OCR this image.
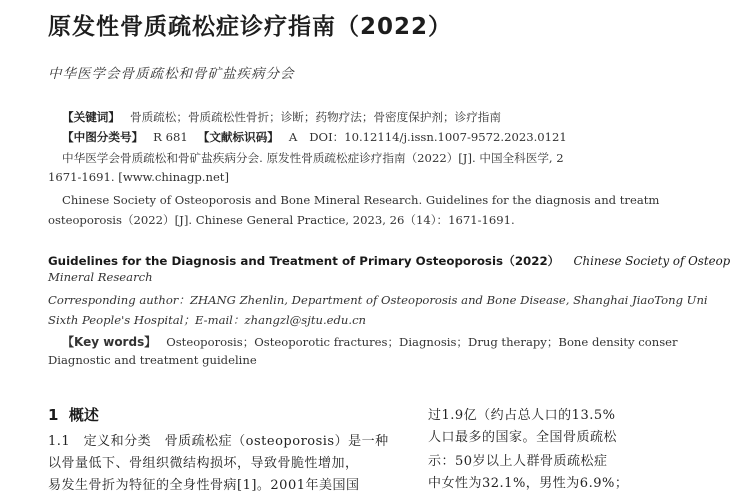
原发性骨质疏松症诊疗指南（2022）
中华医学会骨质疏松和骨矿盐疾病分会
【关键词】 骨质疏松；骨质疏松性骨折；诊断；药物疗法；骨密度保护剂；诊疗指南
【中图分类号】 R 681 【文献标识码】 A DOI：10.12114/j.issn.1007-9572.2023.0121
中华医学会骨质疏松和骨矿盐疾病分会. 原发性骨质疏松症诊疗指南（2022）[J]. 中国全科医学, 2
1671-1691. [www.chinagp.net]
Chinese Society of Osteoporosis and Bone Mineral Research. Guidelines for the diagnosis and treatm
osteoporosis（2022）[J]. Chinese General Practice, 2023, 26（14）：1671-1691.
Guidelines for the Diagnosis and Treatment of Primary Osteoporosis（2022） Chinese Society of Osteop
Mineral Research
Corresponding author：ZHANG Zhenlin, Department of Osteoporosis and Bone Disease, Shanghai JiaoTong Uni
Sixth People's Hospital；E-mail：zhangzl@sjtu.edu.cn
【Key words】 Osteoporosis；Osteoporotic fractures；Diagnosis；Drug therapy；Bone density conser
Diagnostic and treatment guideline
1 概述
1.1　定义和分类　骨质疏松症（osteoporosis）是一种
以骨量低下、骨组织微结构损坏，导致骨脆性增加，
易发生骨折为特征的全身性骨病[1]。2001年美国国
过1.9亿（约占总人口的13.5%
人口最多的国家。全国骨质疏松
示：50岁以上人群骨质疏松症
中女性为32.1%，男性为6.9%；
